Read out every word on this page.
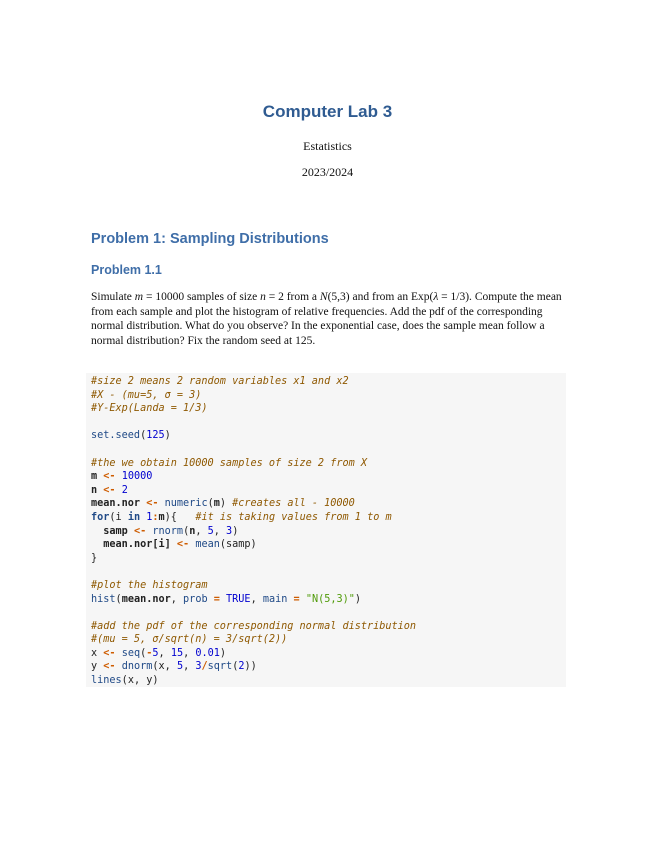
Computer Lab 3
Estatistics
2023/2024
Problem 1: Sampling Distributions
Problem 1.1
Simulate m = 10000 samples of size n = 2 from a N(5,3) and from an Exp(λ = 1/3). Compute the mean from each sample and plot the histogram of relative frequencies. Add the pdf of the corresponding normal distribution. What do you observe? In the exponential case, does the sample mean follow a normal distribution? Fix the random seed at 125.
#size 2 means 2 random variables x1 and x2
#X - (mu=5, σ = 3)
#Y-Exp(Landa = 1/3)

set.seed(125)

#the we obtain 10000 samples of size 2 from X
m <- 10000
n <- 2
mean.nor <- numeric(m) #creates all - 10000
for(i in 1:m){   #it is taking values from 1 to m
samp <- rnorm(n, 5, 3)
mean.nor[i] <- mean(samp)
}

#plot the histogram
hist(mean.nor, prob = TRUE, main = "N(5,3)")

#add the pdf of the corresponding normal distribution
#(mu = 5, σ/sqrt(n) = 3/sqrt(2))
x <- seq(-5, 15, 0.01)
y <- dnorm(x, 5, 3/sqrt(2))
lines(x, y)
